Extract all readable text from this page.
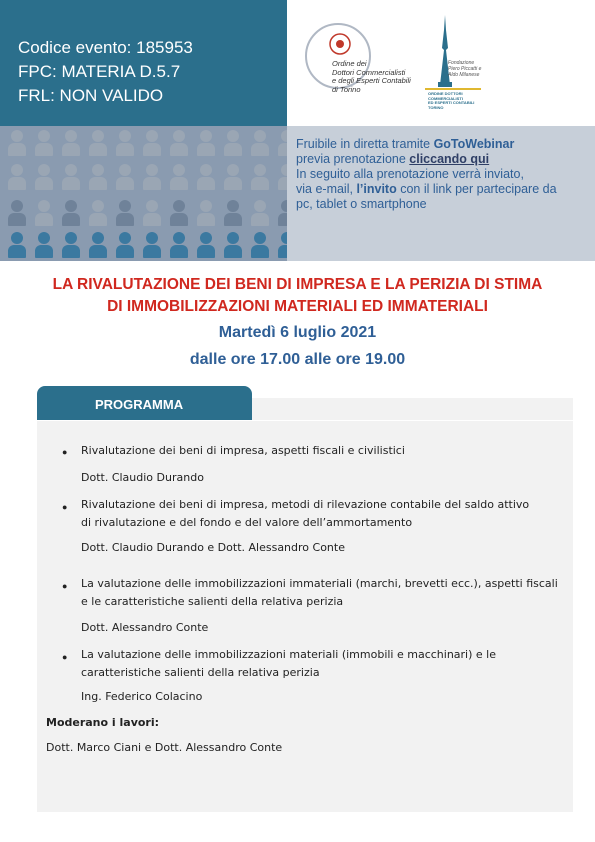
Codice evento: 185953
FPC: MATERIA D.5.7
FRL: NON VALIDO
Ordine dei
Dottori Commercialisti
e degli Esperti Contabili
di Torino
Fondazione
Piero Piccatti e
Aldo Milanese
ORDINE DOTTORI
COMMERCIALISTI
ED ESPERTI CONTABILI
TORINO
Fruibile in diretta tramite GoToWebinar
previa prenotazione cliccando qui
In seguito alla prenotazione verrà inviato,
via e-mail, l’invito con il link per partecipare da
pc, tablet o smartphone
LA RIVALUTAZIONE DEI BENI DI IMPRESA E LA PERIZIA DI STIMA
DI IMMOBILIZZAZIONI MATERIALI ED IMMATERIALI
Martedì 6 luglio 2021
dalle ore 17.00 alle ore 19.00
PROGRAMMA
● Rivalutazione dei beni di impresa, aspetti fiscali e civilistici
Dott. Claudio Durando
● Rivalutazione dei beni di impresa, metodi di rilevazione contabile del saldo attivo
di rivalutazione e del fondo e del valore dell’ammortamento
Dott. Claudio Durando e Dott. Alessandro Conte
● La valutazione delle immobilizzazioni immateriali (marchi, brevetti ecc.), aspetti fiscali
e le caratteristiche salienti della relativa perizia
Dott. Alessandro Conte
● La valutazione delle immobilizzazioni materiali (immobili e macchinari) e le
caratteristiche salienti della relativa perizia
Ing. Federico Colacino
Moderano i lavori:
Dott. Marco Ciani e Dott. Alessandro Conte
